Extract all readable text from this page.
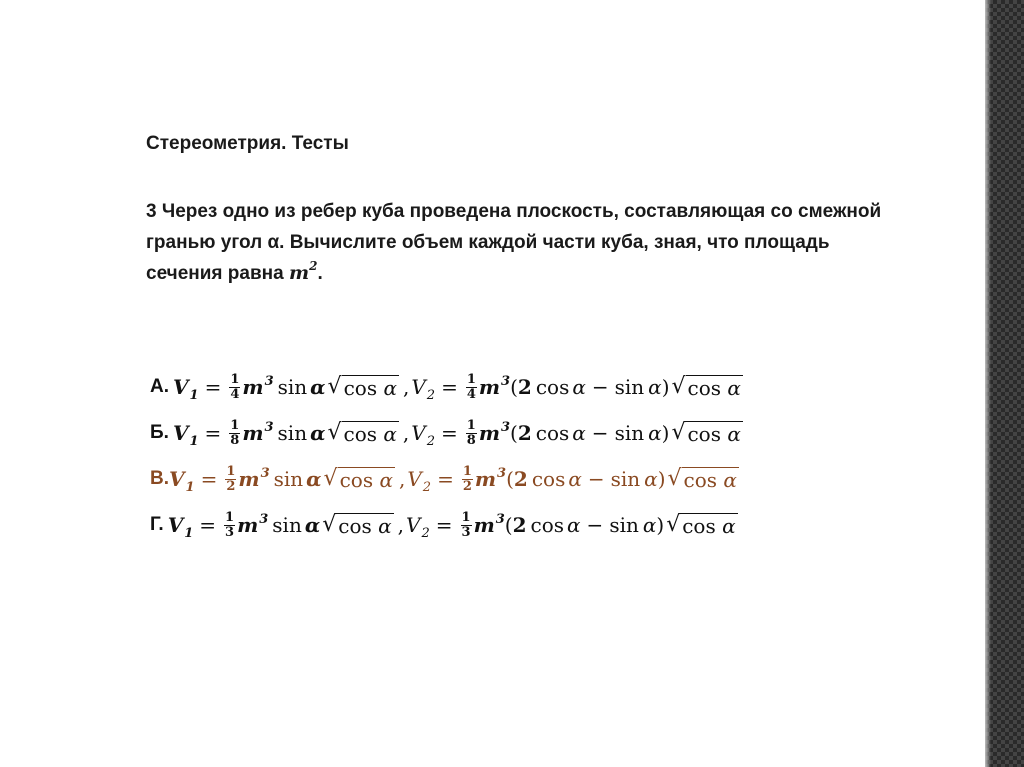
Стереометрия. Тесты

3 Через одно из ребер куба проведена плоскость, составляющая со смежной гранью угол α. Вычислите объем каждой части куба, зная, что площадь сечения равна $m^2$.

А. $V_1 = \frac{1}{4} m^3$ sin α √ cos α , $V_2 = \frac{1}{4} m^3$ ( 2 cos α − sin α ) √ cos α
Б. $V_1 = \frac{1}{8} m^3$ sin α √ cos α , $V_2 = \frac{1}{8} m^3$ ( 2 cos α − sin α ) √ cos α
В. $V_1 = \frac{1}{2} m^3$ sin α √ cos α , $V_2 = \frac{1}{2} m^3$ ( 2 cos α − sin α ) √ cos α
Г. $V_1 = \frac{1}{3} m^3$ sin α √ cos α , $V_2 = \frac{1}{3} m^3$ ( 2 cos α − sin α ) √ cos α
